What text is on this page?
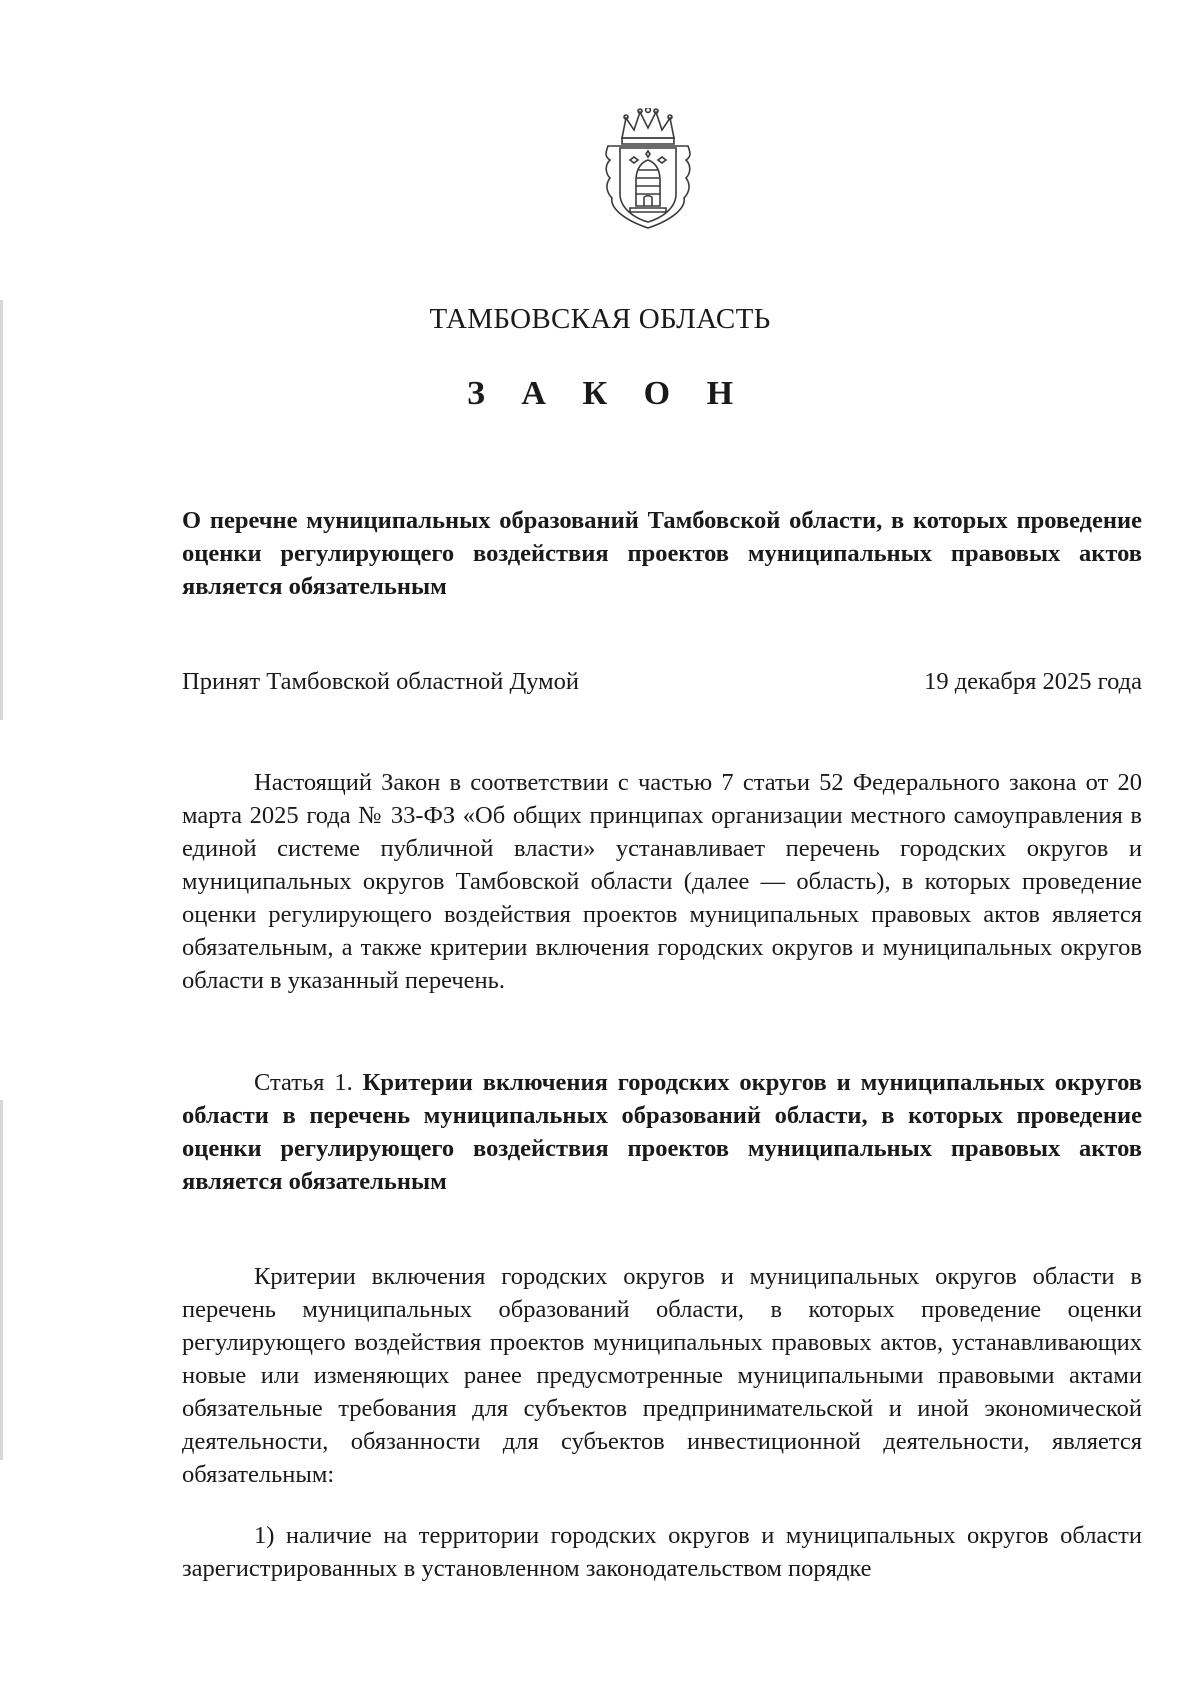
ТАМБОВСКАЯ ОБЛАСТЬ
З А К О Н
О перечне муниципальных образований Тамбовской области, в которых проведение оценки регулирующего воздействия проектов муниципальных правовых актов является обязательным
Принят Тамбовской областной Думой	19 декабря 2025 года

Настоящий Закон в соответствии с частью 7 статьи 52 Федерального закона от 20 марта 2025 года № 33-ФЗ «Об общих принципах организации местного самоуправления в единой системе публичной власти» устанавливает перечень городских округов и муниципальных округов Тамбовской области (далее — область), в которых проведение оценки регулирующего воздействия проектов муниципальных правовых актов является обязательным, а также критерии включения городских округов и муниципальных округов области в указанный перечень.

Статья 1. Критерии включения городских округов и муниципальных округов области в перечень муниципальных образований области, в которых проведение оценки регулирующего воздействия проектов муниципальных правовых актов является обязательным

Критерии включения городских округов и муниципальных округов области в перечень муниципальных образований области, в которых проведение оценки регулирующего воздействия проектов муниципальных правовых актов, устанавливающих новые или изменяющих ранее предусмотренные муниципальными правовыми актами обязательные требования для субъектов предпринимательской и иной экономической деятельности, обязанности для субъектов инвестиционной деятельности, является обязательным:

1) наличие на территории городских округов и муниципальных округов области зарегистрированных в установленном законодательством порядке
